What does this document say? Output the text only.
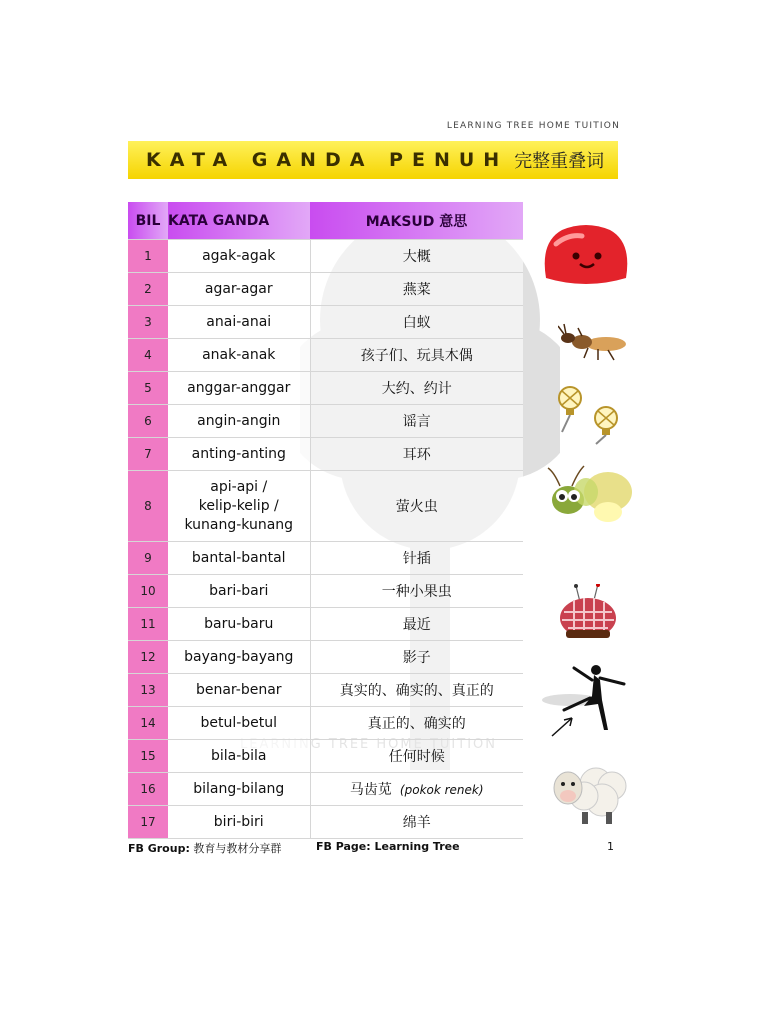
LEARNING TREE HOME TUITION
KATA GANDA PENUH 完整重叠词
BIL	KATA GANDA	MAKSUD 意思
1	agak-agak	大概
2	agar-agar	燕菜
3	anai-anai	白蚁
4	anak-anak	孩子们、玩具木偶
5	anggar-anggar	大约、约计
6	angin-angin	谣言
7	anting-anting	耳环
8	api-api /
kelip-kelip /
kunang-kunang	萤火虫
9	bantal-bantal	针插
10	bari-bari	一种小果虫
11	baru-baru	最近
12	bayang-bayang	影子
13	benar-benar	真实的、确实的、真正的
14	betul-betul	真正的、确实的
15	bila-bila	任何时候
16	bilang-bilang	马齿苋 (pokok renek)
17	biri-biri	绵羊
FB Group: 教育与教材分享群	FB Page: Learning Tree	1
